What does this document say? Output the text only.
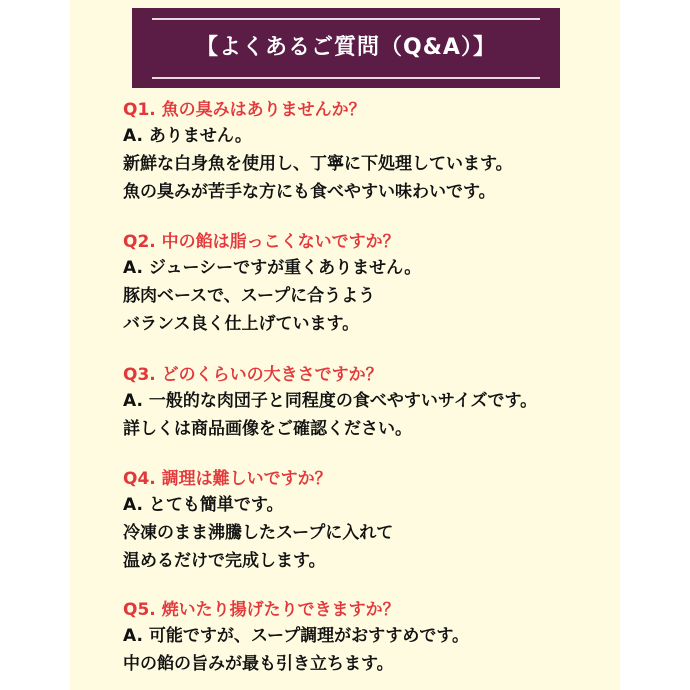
【よくあるご質問（Q&A）】
Q1. 魚の臭みはありませんか？
A. ありません。
新鮮な白身魚を使用し、丁寧に下処理しています。
魚の臭みが苦手な方にも食べやすい味わいです。
Q2. 中の餡は脂っこくないですか？
A. ジューシーですが重くありません。
豚肉ベースで、スープに合うよう
バランス良く仕上げています。
Q3. どのくらいの大きさですか？
A. 一般的な肉団子と同程度の食べやすいサイズです。
詳しくは商品画像をご確認ください。
Q4. 調理は難しいですか？
A. とても簡単です。
冷凍のまま沸騰したスープに入れて
温めるだけで完成します。
Q5. 焼いたり揚げたりできますか？
A. 可能ですが、スープ調理がおすすめです。
中の餡の旨みが最も引き立ちます。
